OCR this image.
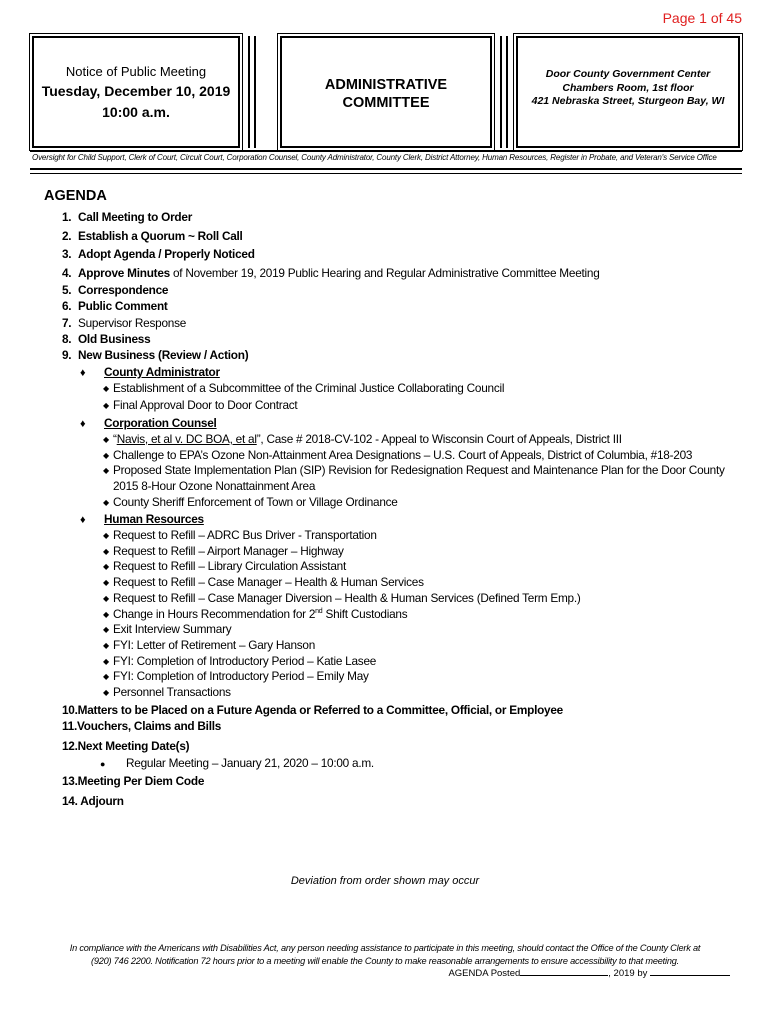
Page 1 of 45
Notice of Public Meeting
Tuesday, December 10, 2019
10:00 a.m.
ADMINISTRATIVE
COMMITTEE
Door County Government Center
Chambers Room, 1st floor
421 Nebraska Street, Sturgeon Bay, WI
Oversight for Child Support, Clerk of Court, Circuit Court, Corporation Counsel, County Administrator, County Clerk, District Attorney, Human Resources, Register in Probate, and Veteran's Service Office
AGENDA
1. Call Meeting to Order
2. Establish a Quorum ~ Roll Call
3. Adopt Agenda / Properly Noticed
4. Approve Minutes of November 19, 2019 Public Hearing and Regular Administrative Committee Meeting
5. Correspondence
6. Public Comment
7. Supervisor Response
8. Old Business
9. New Business (Review / Action)
♦ County Administrator
◆ Establishment of a Subcommittee of the Criminal Justice Collaborating Council
◆ Final Approval Door to Door Contract
♦ Corporation Counsel
◆ “Navis, et al v. DC BOA, et al”, Case # 2018-CV-102 - Appeal to Wisconsin Court of Appeals, District III
◆ Challenge to EPA’s Ozone Non-Attainment Area Designations – U.S. Court of Appeals, District of Columbia, #18-203
◆ Proposed State Implementation Plan (SIP) Revision for Redesignation Request and Maintenance Plan for the Door County
2015 8-Hour Ozone Nonattainment Area
◆ County Sheriff Enforcement of Town or Village Ordinance
♦ Human Resources
◆ Request to Refill – ADRC Bus Driver - Transportation
◆ Request to Refill – Airport Manager – Highway
◆ Request to Refill – Library Circulation Assistant
◆ Request to Refill – Case Manager – Health & Human Services
◆ Request to Refill – Case Manager Diversion – Health & Human Services (Defined Term Emp.)
◆ Change in Hours Recommendation for 2nd Shift Custodians
◆ Exit Interview Summary
◆ FYI: Letter of Retirement – Gary Hanson
◆ FYI: Completion of Introductory Period – Katie Lasee
◆ FYI: Completion of Introductory Period – Emily May
◆ Personnel Transactions
10.Matters to be Placed on a Future Agenda or Referred to a Committee, Official, or Employee
11.Vouchers, Claims and Bills
12.Next Meeting Date(s)
● Regular Meeting – January 21, 2020 – 10:00 a.m.
13.Meeting Per Diem Code
14. Adjourn
Deviation from order shown may occur
In compliance with the Americans with Disabilities Act, any person needing assistance to participate in this meeting, should contact the Office of the County Clerk at
(920) 746 2200. Notification 72 hours prior to a meeting will enable the County to make reasonable arrangements to ensure accessibility to that meeting.
AGENDA Posted	, 2019 by
